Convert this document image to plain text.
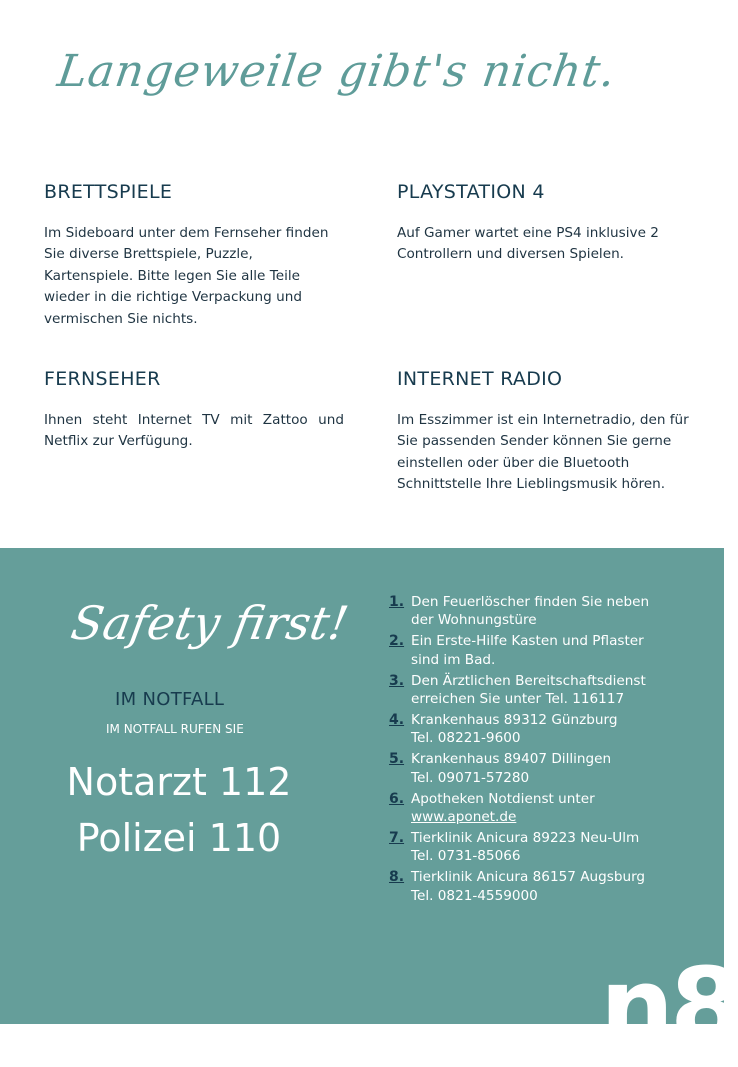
Langeweile gibt's nicht.
BRETTSPIELE

Im Sideboard unter dem Fernseher finden Sie diverse Brettspiele, Puzzle, Kartenspiele. Bitte legen Sie alle Teile wieder in die richtige Verpackung und vermischen Sie nichts.

PLAYSTATION 4

Auf Gamer wartet eine PS4 inklusive 2 Controllern und diversen Spielen.

FERNSEHER

Ihnen steht Internet TV mit Zattoo und Netflix zur Verfügung.

INTERNET RADIO

Im Esszimmer ist ein Internetradio, den für Sie passenden Sender können Sie gerne einstellen oder über die Bluetooth Schnittstelle Ihre Lieblingsmusik hören.

Safety first!
IM NOTFALL
IM NOTFALL RUFEN SIE
Notarzt 112
Polizei 110
1. Den Feuerlöscher finden Sie neben
der Wohnungstüre
2. Ein Erste-Hilfe Kasten und Pflaster
sind im Bad.
3. Den Ärztlichen Bereitschaftsdienst
erreichen Sie unter Tel. 116117
4. Krankenhaus 89312 Günzburg
Tel. 08221-9600
5. Krankenhaus 89407 Dillingen
Tel. 09071-57280
6. Apotheken Notdienst unter
www.aponet.de
7. Tierklinik Anicura 89223 Neu-Ulm
Tel. 0731-85066
8. Tierklinik Anicura 86157 Augsburg
Tel. 0821-4559000
n8
